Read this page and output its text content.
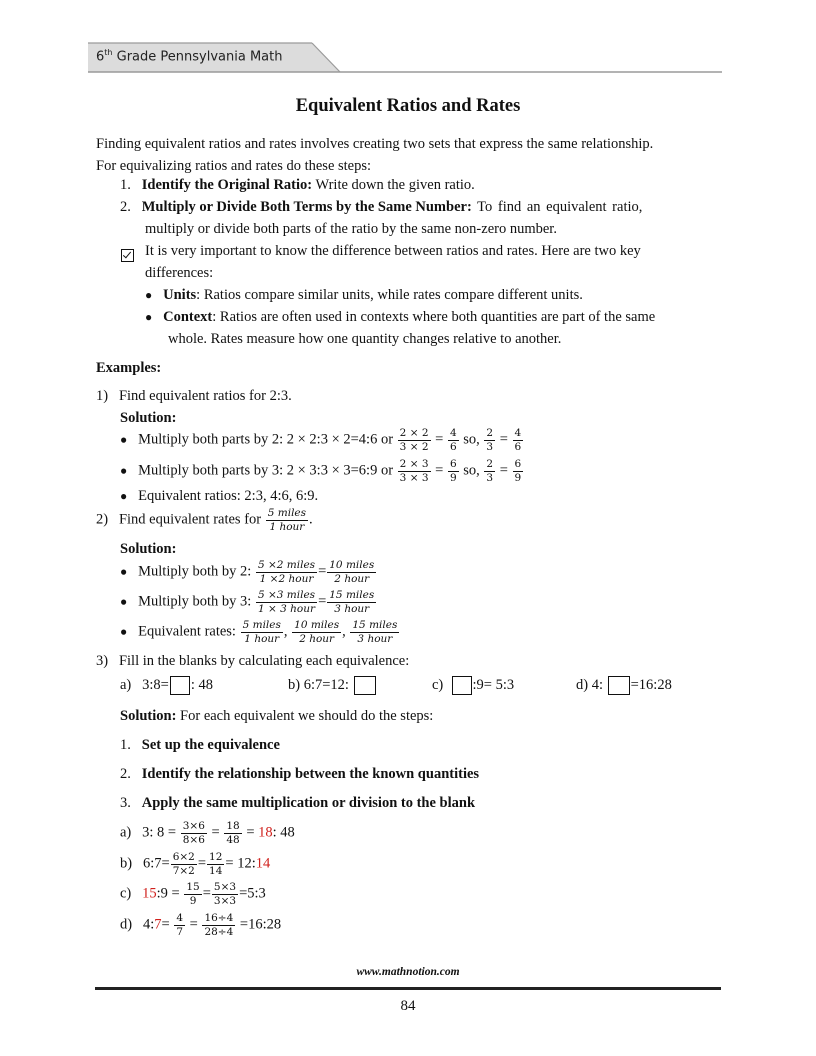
6th Grade Pennsylvania Math
Equivalent Ratios and Rates
Finding equivalent ratios and rates involves creating two sets that express the same relationship.
For equivalizing ratios and rates do these steps:
1. Identify the Original Ratio: Write down the given ratio.
2. Multiply or Divide Both Terms by the Same Number: To find an equivalent ratio,
multiply or divide both parts of the ratio by the same non-zero number.
It is very important to know the difference between ratios and rates. Here are two key
differences:
● Units: Ratios compare similar units, while rates compare different units.
● Context: Ratios are often used in contexts where both quantities are part of the same
whole. Rates measure how one quantity changes relative to another.
Examples:
1) Find equivalent ratios for 2:3.
Solution:
● Multiply both parts by 2: 2 × 2:3 × 2=4:6 or $\frac{2 \times 2}{3 \times 2} = \frac{4}{6}$ so, $\frac{2}{3} = \frac{4}{6}$
● Multiply both parts by 3: 2 × 3:3 × 3=6:9 or $\frac{2 \times 3}{3 \times 3} = \frac{6}{9}$ so, $\frac{2}{3} = \frac{6}{9}$
● Equivalent ratios: 2:3, 4:6, 6:9.
2) Find equivalent rates for $\frac{\text{5 miles}}{\text{1 hour}}$ .
Solution:
● Multiply both by 2: $\frac{\text{5 ×2 miles}}{\text{1 ×2 hour}} = \frac{\text{10 miles}}{\text{2 hour}}$
● Multiply both by 3: $\frac{\text{5 ×3 miles}}{\text{1 × 3 hour}} = \frac{\text{15 miles}}{\text{3 hour}}$
● Equivalent rates: $\frac{\text{5 miles}}{\text{1 hour}}$ , $\frac{\text{10 miles}}{\text{2 hour}}$ , $\frac{\text{15 miles}}{\text{3 hour}}$
3) Fill in the blanks by calculating each equivalence:
a) 3:8= : 48	b) 6:7=12:	c) :9= 5:3	d) 4: =16:28
Solution: For each equivalent we should do the steps:
1. Set up the equivalence
2. Identify the relationship between the known quantities
3. Apply the same multiplication or division to the blank
a) 3: $8 = \frac{3\times 6}{8\times 6} = \frac{18}{48} = 18$: 48
b) 6:7= $\frac{6\times 2}{7\times 2} = \frac{12}{14}$ = 12:14
c) 15:9 = $\frac{15}{9} = \frac{5\times 3}{3\times 3}$ =5:3
d) 4:7= $\frac{4}{7} = \frac{16\div 4}{28\div 4}$ =16:28
www.mathnotion.com
84
